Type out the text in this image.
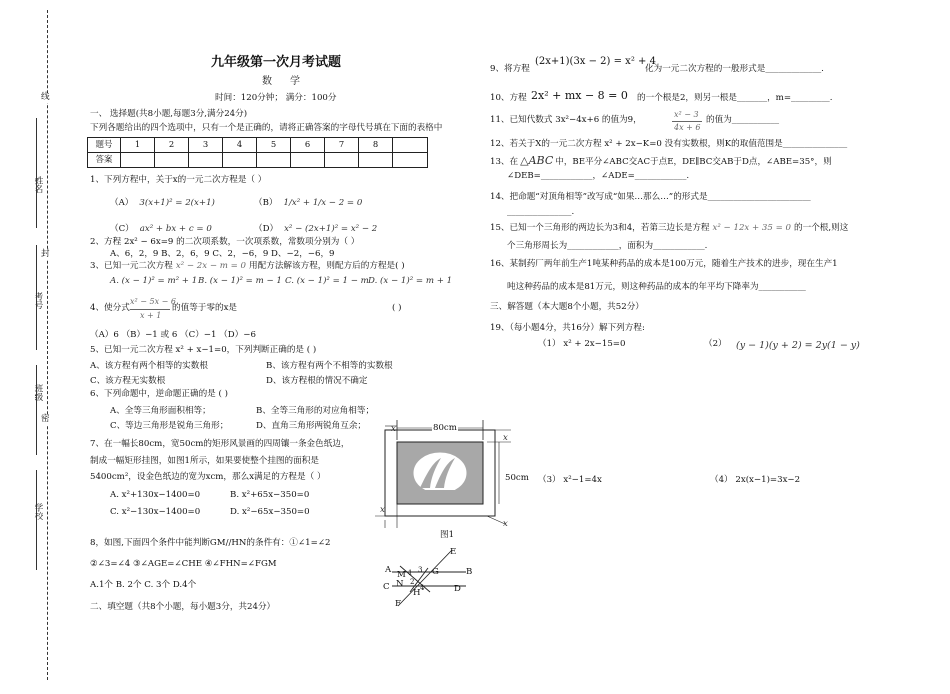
线
姓名
封
考号
班级
密
学校
九年级第一次月考试题
数学
时间：120分钟； 满分：100分
一、 选择题(共8小题,每题3分,满分24分)
下列各题给出的四个选项中，只有一个是正确的，请将正确答案的字母代号填在下面的表格中
题号	1	2	3	4	5	6	7	8	
答案									
1、下列方程中，关于x的一元二次方程是（ ）
（A） 3(x+1)² = 2(x+1)	（B） 1/x² + 1/x − 2 = 0
（C） ax² + bx + c = 0	（D） x² − (2x+1)² = x² − 2
2、方程 2x² − 6x=9 的二次项系数，一次项系数，常数项分别为（ ）
A、6，2，9 B、2，6，9 C、2，−6，9 D、−2，−6，9
3、已知一元二次方程 x² − 2x − m = 0 用配方法解该方程，则配方后的方程是( )
A. (x − 1)² = m² + 1 B. (x − 1)² = m − 1 C. (x − 1)² = 1 − m D. (x − 1)² = m + 1
4、使分式
x² − 5x − 6
x + 1
的值等于零的x是	( )
（A）6 （B）−1 或 6 （C）−1 （D）−6
5、已知一元二次方程 x² + x−1=0，下列判断正确的是 ( )
A、该方程有两个相等的实数根	B、该方程有两个不相等的实数根
C、该方程无实数根	D、该方程根的情况不确定
6、下列命题中，逆命题正确的是 ( )
A、全等三角形面积相等；	B、全等三角形的对应角相等；
C、等边三角形是锐角三角形；	D、直角三角形两锐角互余；
7、在一幅长80cm，宽50cm的矩形风景画的四周镶一条金色纸边，
制成一幅矩形挂图，如图1所示，如果要使整个挂图的面积是
5400cm²，设金色纸边的宽为xcm，那么x满足的方程是（ ）
A. x²+130x−1400=0	B. x²+65x−350=0
C. x²−130x−1400=0	D. x²−65x−350=0
80cm
50cm
x
x
x
x
图1
8，如图,下面四个条件中能判断GM//HN的条件有：①∠1=∠2
②∠3=∠4 ③∠AGE=∠CHE ④∠FHN=∠FGM
A.1个 B. 2个 C. 3个 D.4个
E
A M 1 3 G	B
C N 2
4
H	D
F
二、填空题（共8个小题，每小题3分，共24分）
9、将方程
(2x+1)(3x − 2) = x² + 4
化为一元二次方程的一般形式是_____________.
10、方程 2x² + mx − 8 = 0 的一个根是2，则另一根是_______，m=_________.
11、已知代数式 3x²−4x+6 的值为9，
x² − 3
4x + 6
的值为___________
12、若关于X的一元二次方程 x² + 2x−K=0 没有实数根，则K的取值范围是_______________
13、在 △ABC 中，BE平分∠ABC交AC于点E，DE∥BC交AB于D点，∠ABE=35°，则
∠DEB=____________，∠ADE=____________.
14、把命题“对顶角相等”改写成“如果…那么…”的形式是________________________
_______________.
15、已知一个三角形的两边长为3和4，若第三边长是方程 x² − 12x + 35 = 0 的一个根,则这
个三角形周长为____________，面积为____________.
16、某制药厂两年前生产1吨某种药品的成本是100万元，随着生产技术的进步，现在生产1
吨这种药品的成本是81万元，则这种药品的成本的年平均下降率为___________
三、解答题（本大题8个小题，共52分）
19、（每小题4分，共16分）解下列方程:
（1） x² + 2x−15=0	（2） (y − 1)(y + 2) = 2y(1 − y)
（3） x²−1=4x	（4） 2x(x−1)=3x−2
